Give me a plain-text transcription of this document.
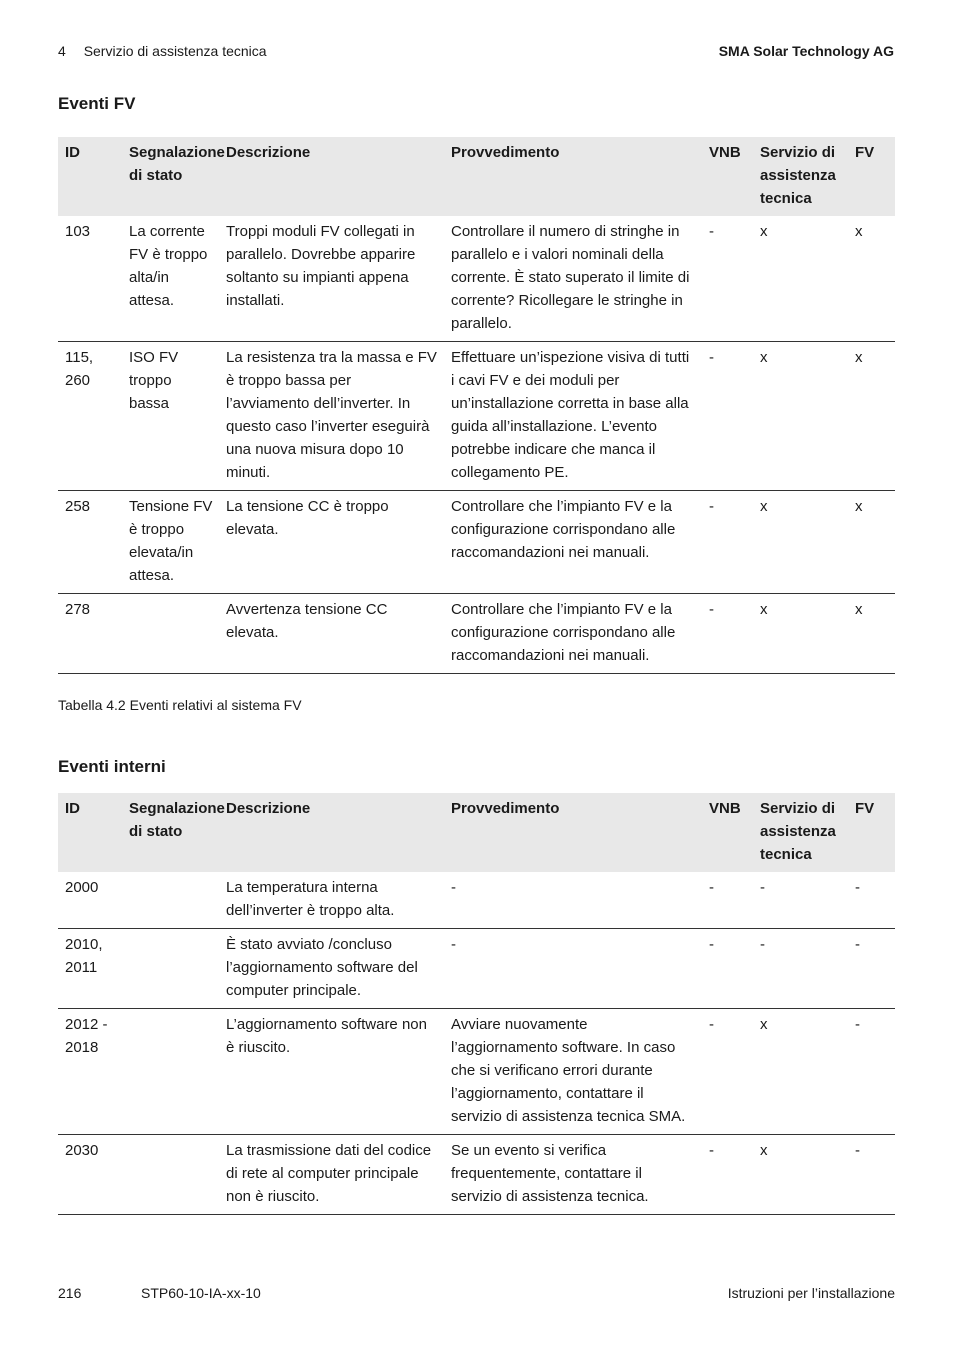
4 Servizio di assistenza tecnica	SMA Solar Technology AG
Eventi FV
ID	Segnalazione di stato	Descrizione	Provvedimento	VNB	Servizio di assistenza tecnica	FV
103	La corrente FV è troppo alta/in attesa.	Troppi moduli FV collegati in parallelo. Dovrebbe apparire soltanto su impianti appena installati.	Controllare il numero di stringhe in parallelo e i valori nominali della corrente. È stato superato il limite di corrente? Ricollegare le stringhe in parallelo.	-	x	x
115, 260	ISO FV troppo bassa	La resistenza tra la massa e FV è troppo bassa per l’avviamento dell’inverter. In questo caso l’inverter eseguirà una nuova misura dopo 10 minuti.	Effettuare un’ispezione visiva di tutti i cavi FV e dei moduli per un’installazione corretta in base alla guida all’installazione. L’evento potrebbe indicare che manca il collegamento PE.	-	x	x
258	Tensione FV è troppo elevata/in attesa.	La tensione CC è troppo elevata.	Controllare che l’impianto FV e la configurazione corrispondano alle raccomandazioni nei manuali.	-	x	x
278		Avvertenza tensione CC elevata.	Controllare che l’impianto FV e la configurazione corrispondano alle raccomandazioni nei manuali.	-	x	x
Tabella 4.2 Eventi relativi al sistema FV
Eventi interni
ID	Segnalazione di stato	Descrizione	Provvedimento	VNB	Servizio di assistenza tecnica	FV
2000		La temperatura interna dell’inverter è troppo alta.	-	-	-	-
2010, 2011		È stato avviato /concluso l’aggiornamento software del computer principale.	-	-	-	-
2012 - 2018		L’aggiornamento software non è riuscito.	Avviare nuovamente l’aggiornamento software. In caso che si verificano errori durante l’aggiornamento, contattare il servizio di assistenza tecnica SMA.	-	x	-
2030		La trasmissione dati del codice di rete al computer principale non è riuscito.	Se un evento si verifica frequentemente, contattare il servizio di assistenza tecnica.	-	x	-
216	STP60-10-IA-xx-10	Istruzioni per l’installazione
